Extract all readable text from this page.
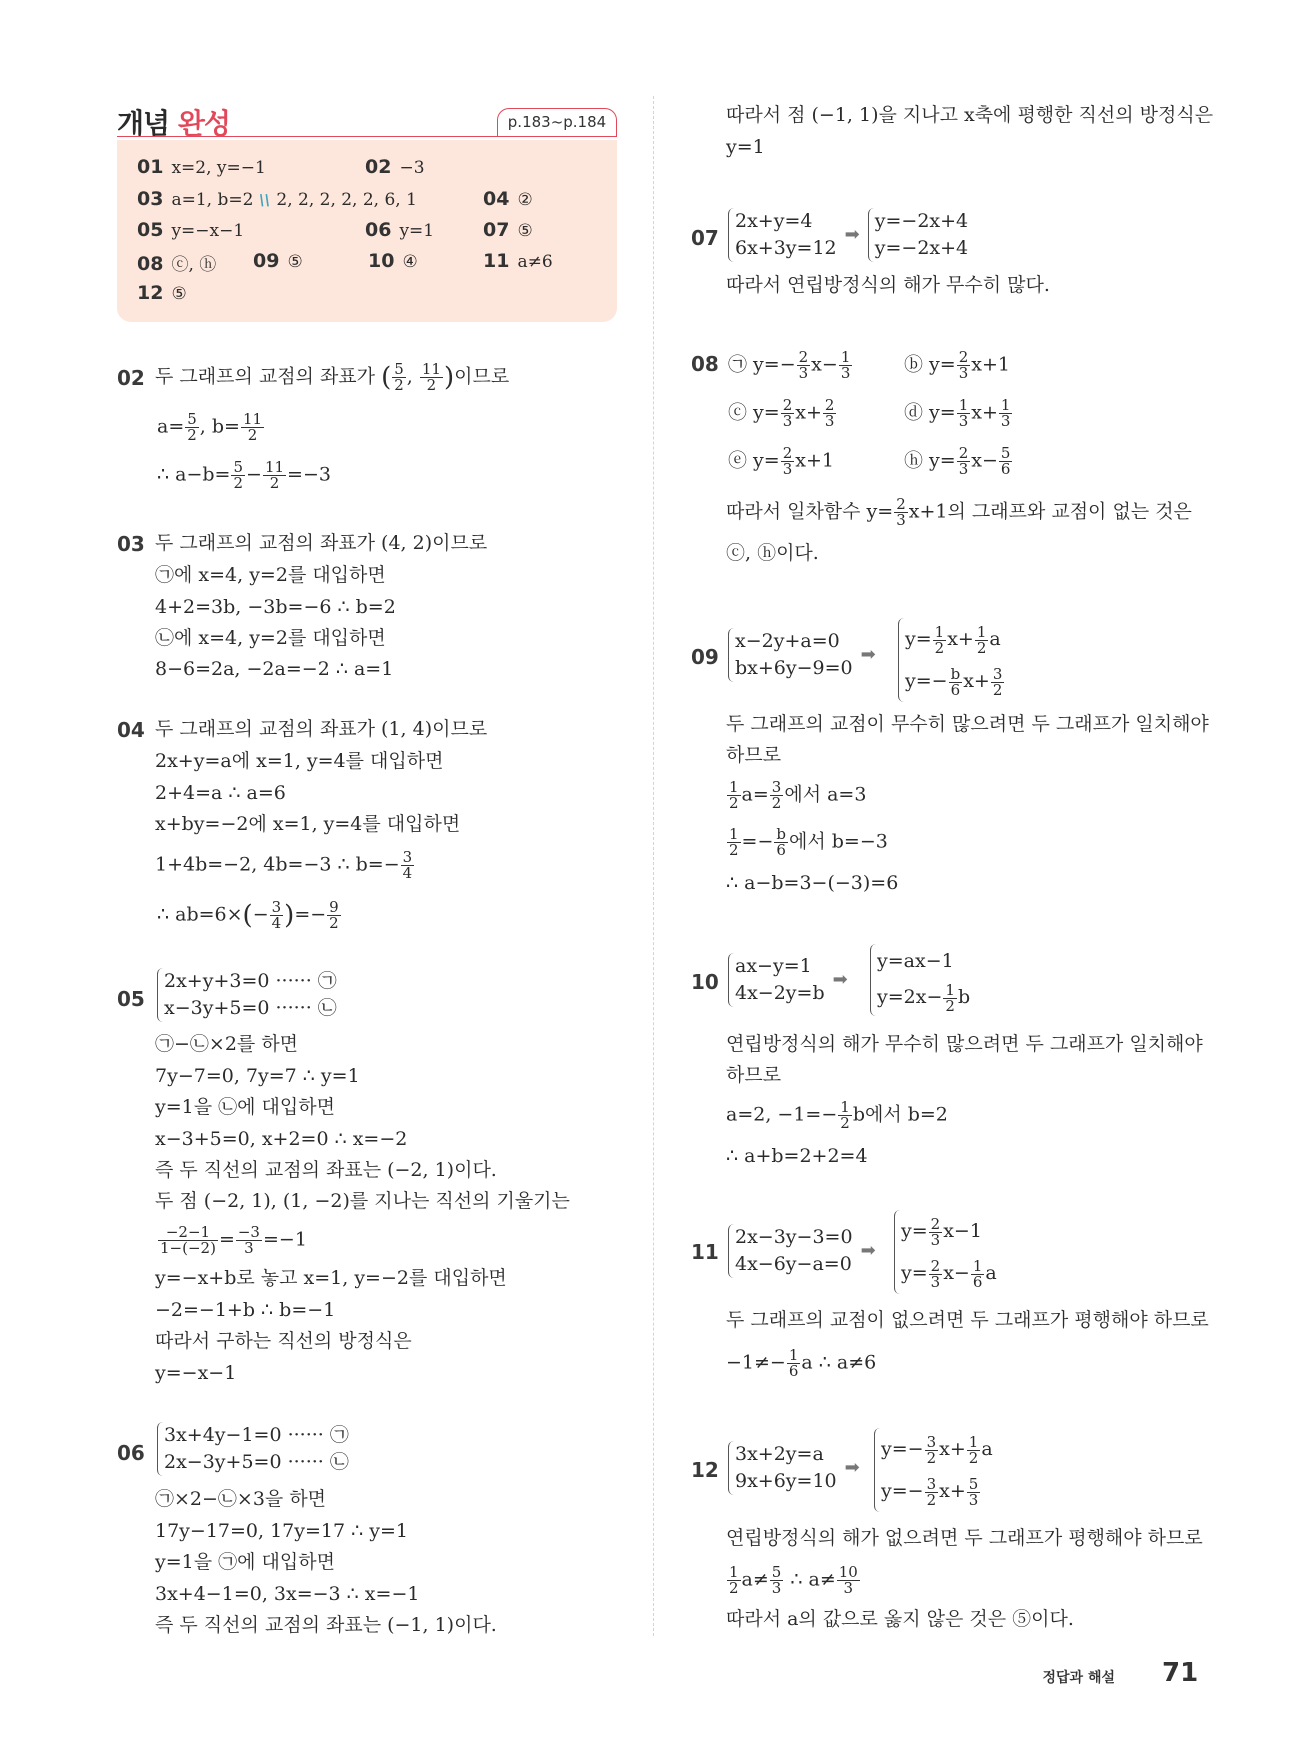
개념 완성	p.183~p.184
01 x=2, y=−1	02 −3
03 a=1, b=2 \\ 2, 2, 2, 2, 2, 6, 1	04 ②
05 y=−x−1	06 y=1	07 ⑤
08 ⓒ, ⓗ 09 ⑤	10 ④	11 a≠6
12 ⑤
02 두 그래프의 교점의 좌표가 ( $\frac{5}{2}$ , $\frac{11}{2}$ )이므로
$a= \frac{5}{2}$ , $b= \frac{11}{2}$
∴ $a-b= \frac{5}{2} - \frac{11}{2} =-3$
03 두 그래프의 교점의 좌표가 (4, 2)이므로
㉠에 x=4, y=2를 대입하면
4+2=3b, −3b=−6 ∴ b=2
㉡에 x=4, y=2를 대입하면
8−6=2a, −2a=−2 ∴ a=1
04 두 그래프의 교점의 좌표가 (1, 4)이므로
2x+y=a에 x=1, y=4를 대입하면
2+4=a ∴ a=6
x+by=−2에 x=1, y=4를 대입하면
1+4b=−2, 4b=−3 ∴ $b=- \frac{3}{4}$
∴ $ab=6\times(- \frac{3}{4}$ )=− $\frac{9}{2}$
05
2x+y+3=0 ······ ㉠
x−3y+5=0 ······ ㉡
㉠−㉡×2를 하면
7y−7=0, 7y=7 ∴ y=1
y=1을 ㉡에 대입하면
x−3+5=0, x+2=0 ∴ x=−2
즉 두 직선의 교점의 좌표는 (−2, 1)이다.
두 점 (−2, 1), (1, −2)를 지나는 직선의 기울기는
$\frac{-2-1}{1-(-2)} = \frac{-3}{3} =-1$
y=−x+b로 놓고 x=1, y=−2를 대입하면
−2=−1+b ∴ b=−1
따라서 구하는 직선의 방정식은
y=−x−1
06
3x+4y−1=0 ······ ㉠
2x−3y+5=0 ······ ㉡
㉠×2−㉡×3을 하면
17y−17=0, 17y=17 ∴ y=1
y=1을 ㉠에 대입하면
3x+4−1=0, 3x=−3 ∴ x=−1
즉 두 직선의 교점의 좌표는 (−1, 1)이다.
따라서 점 (−1, 1)을 지나고 x축에 평행한 직선의 방정식은
y=1
07
2x+y=4
6x+3y=12
➡
y=−2x+4
y=−2x+4
따라서 연립방정식의 해가 무수히 많다.
08 ㉠ $y=- \frac{2}{3} x- \frac{1}{3}$	ⓑ $y= \frac{2}{3} x+1$
ⓒ $y= \frac{2}{3} x+ \frac{2}{3}$	ⓓ $y= \frac{1}{3} x+ \frac{1}{3}$
ⓔ $y= \frac{2}{3} x+1$	ⓗ $y= \frac{2}{3} x- \frac{5}{6}$
따라서 일차함수 $y= \frac{2}{3} x+1$의 그래프와 교점이 없는 것은
ⓒ, ⓗ이다.
09
x−2y+a=0
bx+6y−9=0
➡
$y= \frac{1}{2} x+ \frac{1}{2}$ a
$y=- \frac{b}{6} x+ \frac{3}{2}$
두 그래프의 교점이 무수히 많으려면 두 그래프가 일치해야
하므로
$\frac{1}{2} a= \frac{3}{2}$ 에서 a=3
$\frac{1}{2} =- \frac{b}{6}$ 에서 b=−3
∴ a−b=3−(−3)=6
10
ax−y=1
4x−2y=b
➡
y=ax−1
$y=2x- \frac{1}{2}$ b
연립방정식의 해가 무수히 많으려면 두 그래프가 일치해야
하므로
a=2, $-1=- \frac{1}{2}$ b에서 b=2
∴ a+b=2+2=4
11
2x−3y−3=0
4x−6y−a=0
➡
$y= \frac{2}{3} x-1$
$y= \frac{2}{3} x- \frac{1}{6}$ a
두 그래프의 교점이 없으려면 두 그래프가 평행해야 하므로
$-1\ne- \frac{1}{6}$ a ∴ a≠6
12
3x+2y=a
9x+6y=10
➡
$y=- \frac{3}{2} x+ \frac{1}{2}$ a
$y=- \frac{3}{2} x+ \frac{5}{3}$
연립방정식의 해가 없으려면 두 그래프가 평행해야 하므로
$\frac{1}{2} a\ne \frac{5}{3}$ ∴ $a\ne \frac{10}{3}$
따라서 a의 값으로 옳지 않은 것은 ⑤이다.
정답과 해설 71
